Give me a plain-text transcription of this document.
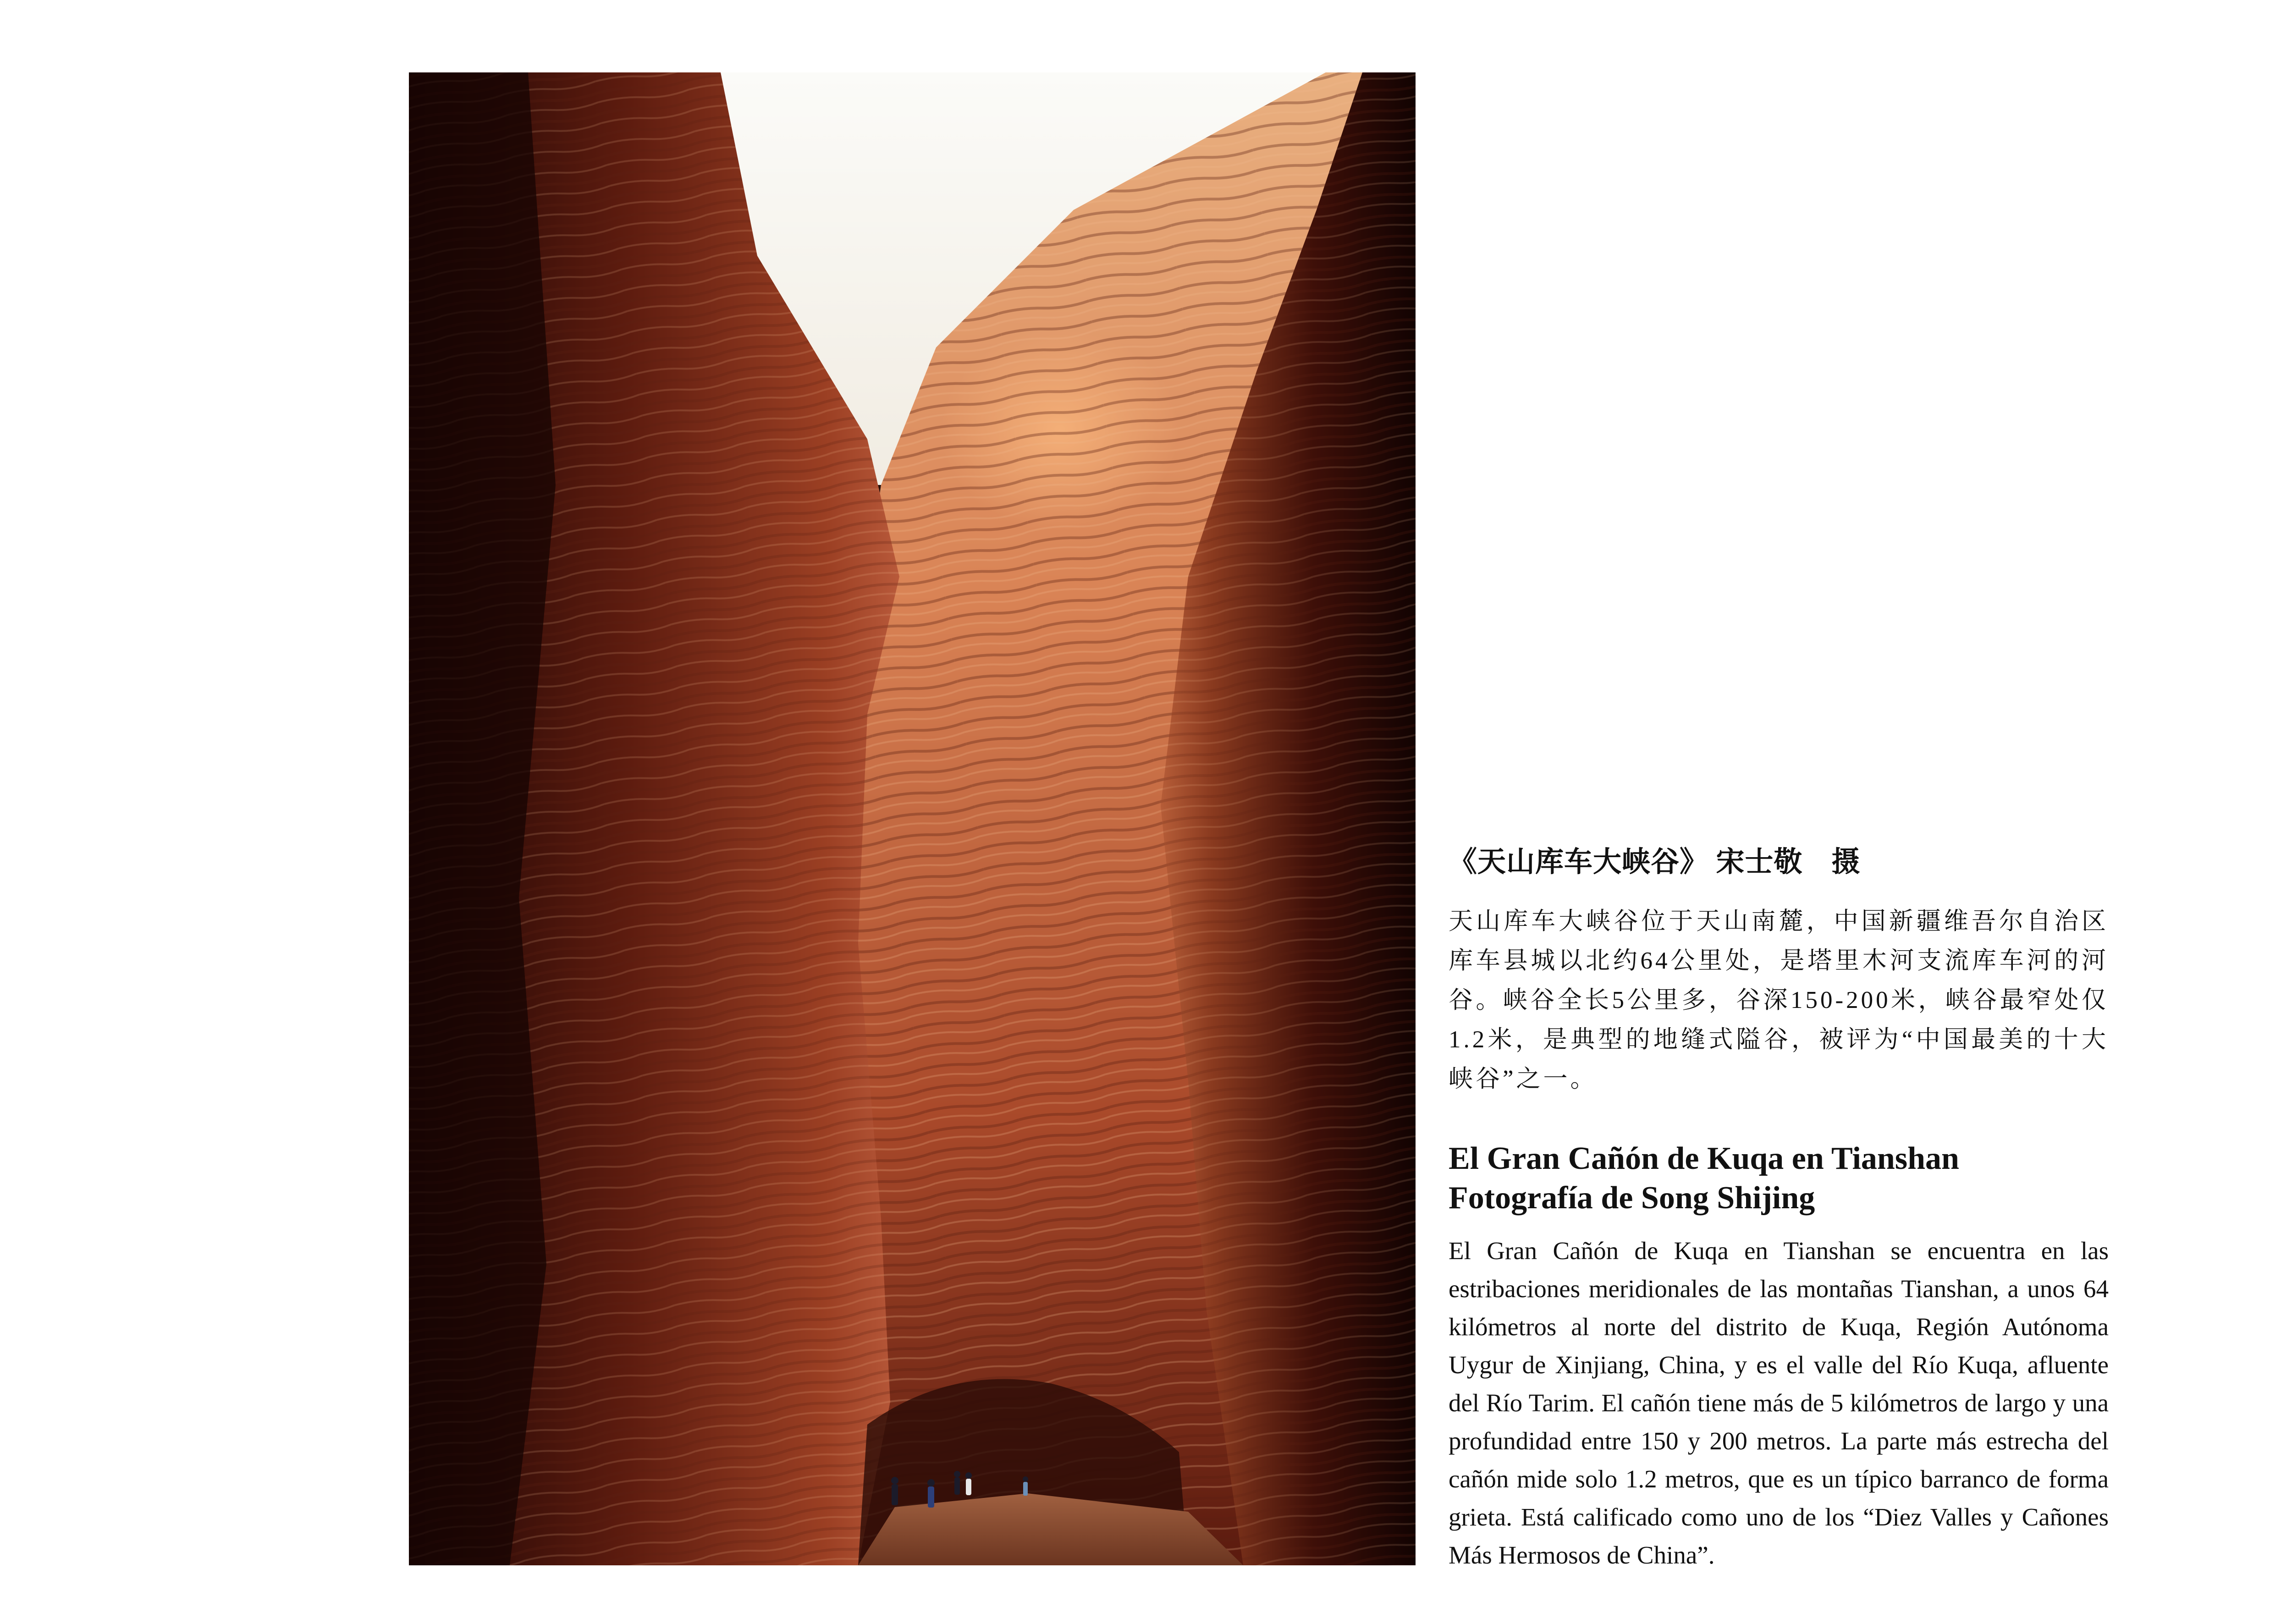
《天山库车大峡谷》 宋士敬　摄

天山库车大峡谷位于天山南麓，中国新疆维吾尔自治区库车县城以北约64公里处，是塔里木河支流库车河的河谷。峡谷全长5公里多，谷深150-200米，峡谷最窄处仅1.2米，是典型的地缝式隘谷，被评为“中国最美的十大峡谷”之一。

El Gran Cañón de Kuqa en Tianshan

Fotografía de Song Shijing

El Gran Cañón de Kuqa en Tianshan se encuentra en las estribaciones meridionales de las montañas Tianshan, a unos 64 kilómetros al norte del distrito de Kuqa, Región Autónoma Uygur de Xinjiang, China, y es el valle del Río Kuqa, afluente del Río Tarim. El cañón tiene más de 5 kilómetros de largo y una profundidad entre 150 y 200 metros. La parte más estrecha del cañón mide solo 1.2 metros, que es un típico barranco de forma grieta. Está calificado como uno de los “Diez Valles y Cañones Más Hermosos de China”.
